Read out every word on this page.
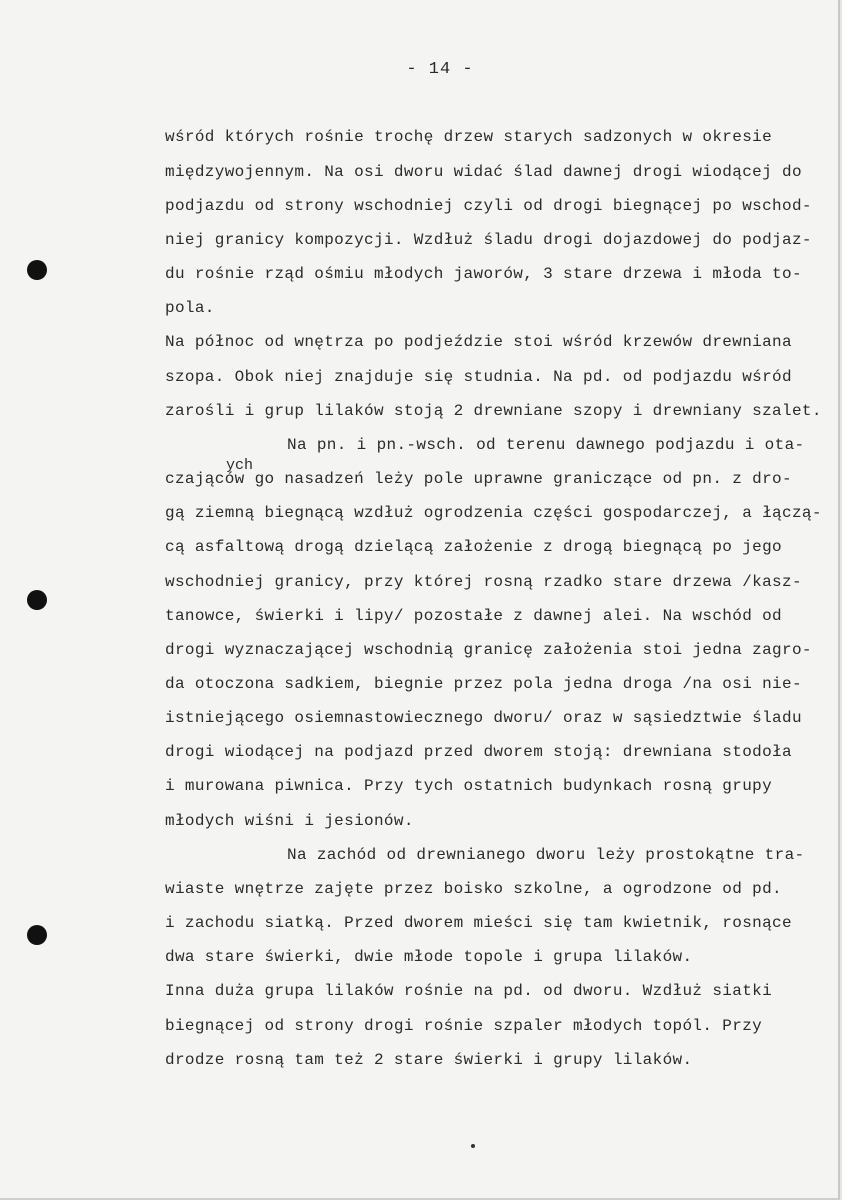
- 14 -
wśród których rośnie trochę drzew starych sadzonych w okresie
międzywojennym. Na osi dworu widać ślad dawnej drogi wiodącej do
podjazdu od strony wschodniej czyli od drogi biegnącej po wschod-
niej granicy kompozycji. Wzdłuż śladu drogi dojazdowej do podjaz-
du rośnie rząd ośmiu młodych jaworów, 3 stare drzewa i młoda to-
pola.
Na północ od wnętrza po podjeździe stoi wśród krzewów drewniana
szopa. Obok niej znajduje się studnia. Na pd. od podjazdu wśród
zarośli i grup lilaków stoją 2 drewniane szopy i drewniany szalet.
Na pn. i pn.-wsch. od terenu dawnego podjazdu i ota-
ych
czająców go nasadzeń leży pole uprawne graniczące od pn. z dro-
gą ziemną biegnącą wzdłuż ogrodzenia części gospodarczej, a łączą-
cą asfaltową drogą dzielącą założenie z drogą biegnącą po jego
wschodniej granicy, przy której rosną rzadko stare drzewa /kasz-
tanowce, świerki i lipy/ pozostałe z dawnej alei. Na wschód od
drogi wyznaczającej wschodnią granicę założenia stoi jedna zagro-
da otoczona sadkiem, biegnie przez pola jedna droga /na osi nie-
istniejącego osiemnastowiecznego dworu/ oraz w sąsiedztwie śladu
drogi wiodącej na podjazd przed dworem stoją: drewniana stodoła
i murowana piwnica. Przy tych ostatnich budynkach rosną grupy
młodych wiśni i jesionów.
Na zachód od drewnianego dworu leży prostokątne tra-
wiaste wnętrze zajęte przez boisko szkolne, a ogrodzone od pd.
i zachodu siatką. Przed dworem mieści się tam kwietnik, rosnące
dwa stare świerki, dwie młode topole i grupa lilaków.
Inna duża grupa lilaków rośnie na pd. od dworu. Wzdłuż siatki
biegnącej od strony drogi rośnie szpaler młodych topól. Przy
drodze rosną tam też 2 stare świerki i grupy lilaków.
